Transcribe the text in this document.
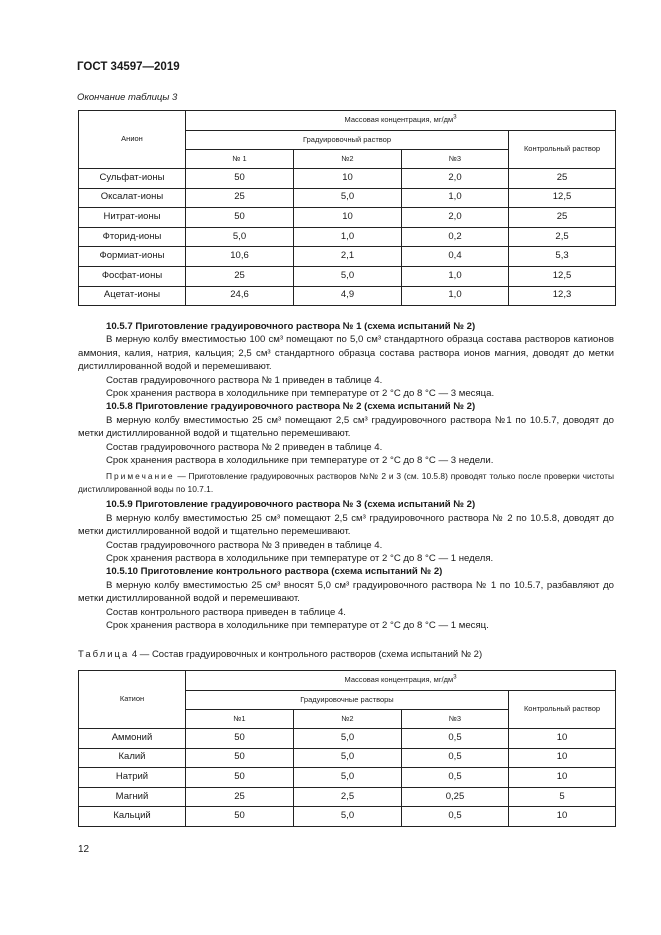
ГОСТ 34597—2019
Окончание таблицы 3
Анион	Массовая концентрация, $мг/дм^3$
	Градуировочный раствор			Контрольный раствор
	№ 1	№2	№3	
Сульфат-ионы	50	10	2,0	25
Оксалат-ионы	25	5,0	1,0	12,5
Нитрат-ионы	50	10	2,0	25
Фторид-ионы	5,0	1,0	0,2	2,5
Формиат-ионы	10,6	2,1	0,4	5,3
Фосфат-ионы	25	5,0	1,0	12,5
Ацетат-ионы	24,6	4,9	1,0	12,3

10.5.7 Приготовление градуировочного раствора № 1 (схема испытаний № 2)

В мерную колбу вместимостью 100 см³ помещают по 5,0 см³ стандартного образца состава растворов катионов аммония, калия, натрия, кальция; 2,5 см³ стандартного образца состава раствора ионов магния, доводят до метки дистиллированной водой и перемешивают.

Состав градуировочного раствора № 1 приведен в таблице 4.

Срок хранения раствора в холодильнике при температуре от 2 °С до 8 °С — 3 месяца.

10.5.8 Приготовление градуировочного раствора № 2 (схема испытаний № 2)

В мерную колбу вместимостью 25 см³ помещают 2,5 см³ градуировочного раствора №1 по 10.5.7, доводят до метки дистиллированной водой и тщательно перемешивают.

Состав градуировочного раствора № 2 приведен в таблице 4.

Срок хранения раствора в холодильнике при температуре от 2 °С до 8 °С — 3 недели.

Примечание — Приготовление градуировочных растворов №№ 2 и 3 (см. 10.5.8) проводят только после проверки чистоты дистиллированной воды по 10.7.1.

10.5.9 Приготовление градуировочного раствора № 3 (схема испытаний № 2)

В мерную колбу вместимостью 25 см³ помещают 2,5 см³ градуировочного раствора № 2 по 10.5.8, доводят до метки дистиллированной водой и тщательно перемешивают.

Состав градуировочного раствора № 3 приведен в таблице 4.

Срок хранения раствора в холодильнике при температуре от 2 °С до 8 °С — 1 неделя.

10.5.10 Приготовление контрольного раствора (схема испытаний № 2)

В мерную колбу вместимостью 25 см³ вносят 5,0 см³ градуировочного раствора № 1 по 10.5.7, разбавляют до метки дистиллированной водой и перемешивают.

Состав контрольного раствора приведен в таблице 4.

Срок хранения раствора в холодильнике при температуре от 2 °С до 8 °С — 1 месяц.

Таблица 4 — Состав градуировочных и контрольного растворов (схема испытаний № 2)
Катион	Массовая концентрация, $мг/дм^3$
	Градуировочные растворы			Контрольный раствор
	№1	№2	№3	
Аммоний	50	5,0	0,5	10
Калий	50	5,0	0,5	10
Натрий	50	5,0	0,5	10
Магний	25	2,5	0,25	5
Кальций	50	5,0	0,5	10
12
